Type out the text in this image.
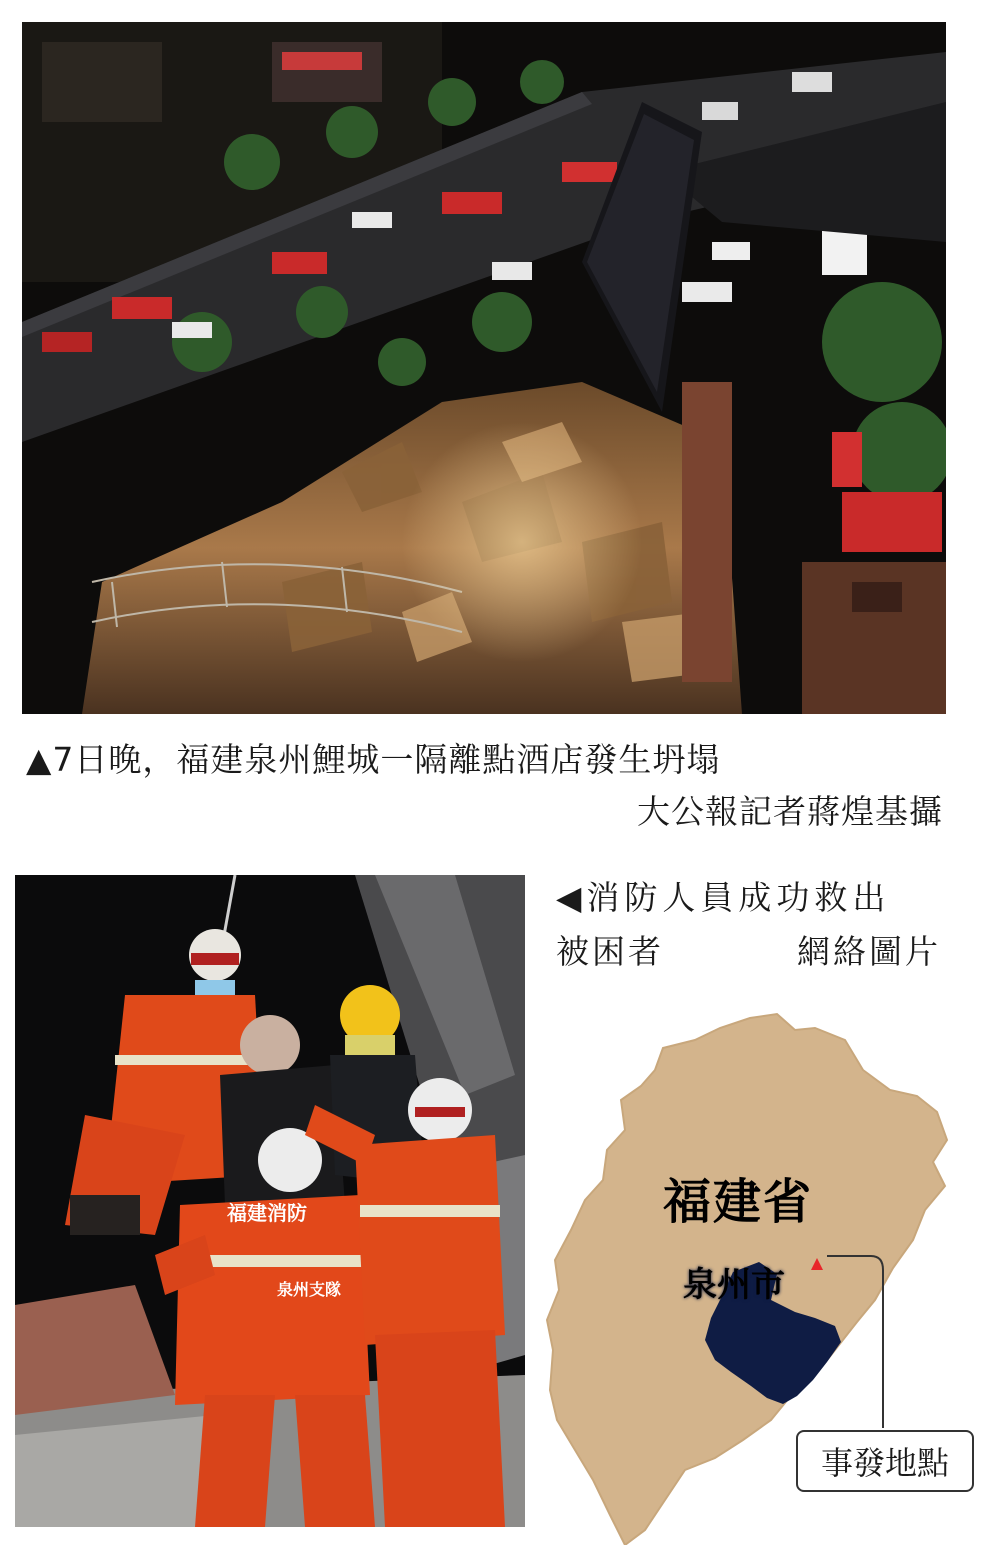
▲7日晚，福建泉州鯉城一隔離點酒店發生坍塌
大公報記者蔣煌基攝
福建消防
泉州支隊
◀消防人員成功救出
被困者	網絡圖片
福建省
泉州市
事發地點
